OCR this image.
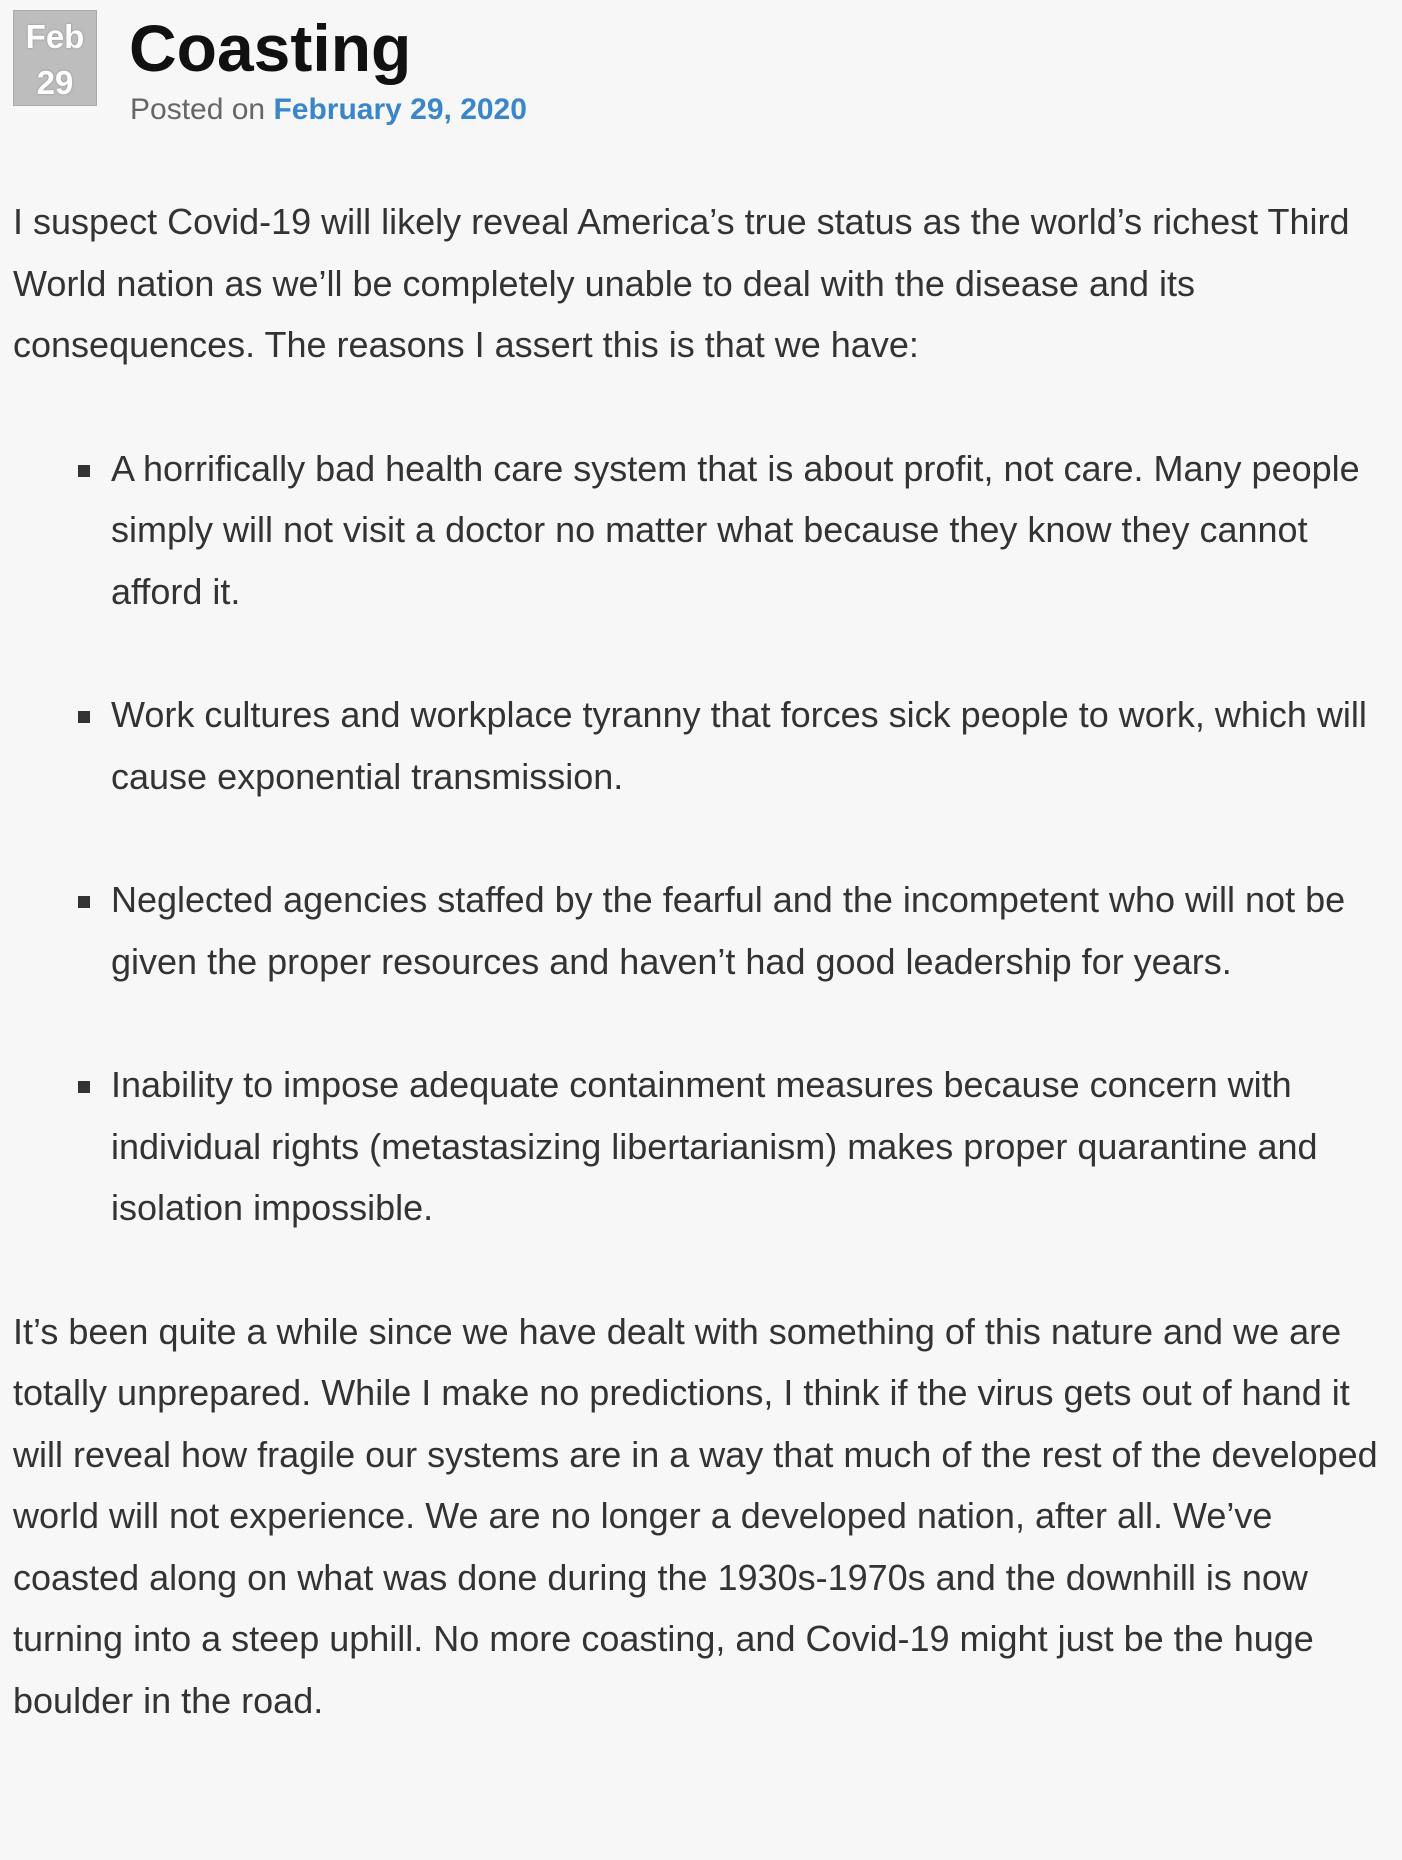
Feb
29 Coasting
Posted on February 29, 2020

I suspect Covid-19 will likely reveal America’s true status as the world’s richest Third World nation as we’ll be completely unable to deal with the disease and its consequences. The reasons I assert this is that we have:

A horrifically bad health care system that is about profit, not care. Many people simply will not visit a doctor no matter what because they know they cannot afford it.
Work cultures and workplace tyranny that forces sick people to work, which will cause exponential transmission.
Neglected agencies staffed by the fearful and the incompetent who will not be given the proper resources and haven’t had good leadership for years.
Inability to impose adequate containment measures because concern with individual rights (metastasizing libertarianism) makes proper quarantine and isolation impossible.

It’s been quite a while since we have dealt with something of this nature and we are totally unprepared. While I make no predictions, I think if the virus gets out of hand it will reveal how fragile our systems are in a way that much of the rest of the developed world will not experience. We are no longer a developed nation, after all. We’ve coasted along on what was done during the 1930s-1970s and the downhill is now turning into a steep uphill. No more coasting, and Covid-19 might just be the huge boulder in the road.
